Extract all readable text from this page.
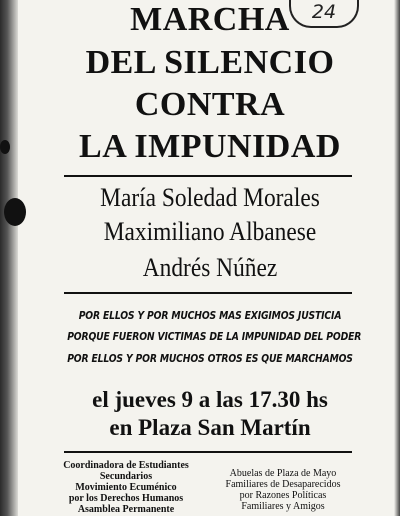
24
MARCHA
DEL SILENCIO
CONTRA
LA IMPUNIDAD
María Soledad Morales
Maximiliano Albanese
Andrés Núñez
POR ELLOS Y POR MUCHOS MAS EXIGIMOS JUSTICIA
PORQUE FUERON VICTIMAS DE LA IMPUNIDAD DEL PODER
POR ELLOS Y POR MUCHOS OTROS ES QUE MARCHAMOS
el jueves 9 a las 17.30 hs
en Plaza San Martín
Coordinadora de Estudiantes
Secundarios
Movimiento Ecuménico
por los Derechos Humanos
Asamblea Permanente
Abuelas de Plaza de Mayo
Familiares de Desaparecidos
por Razones Políticas
Familiares y Amigos
